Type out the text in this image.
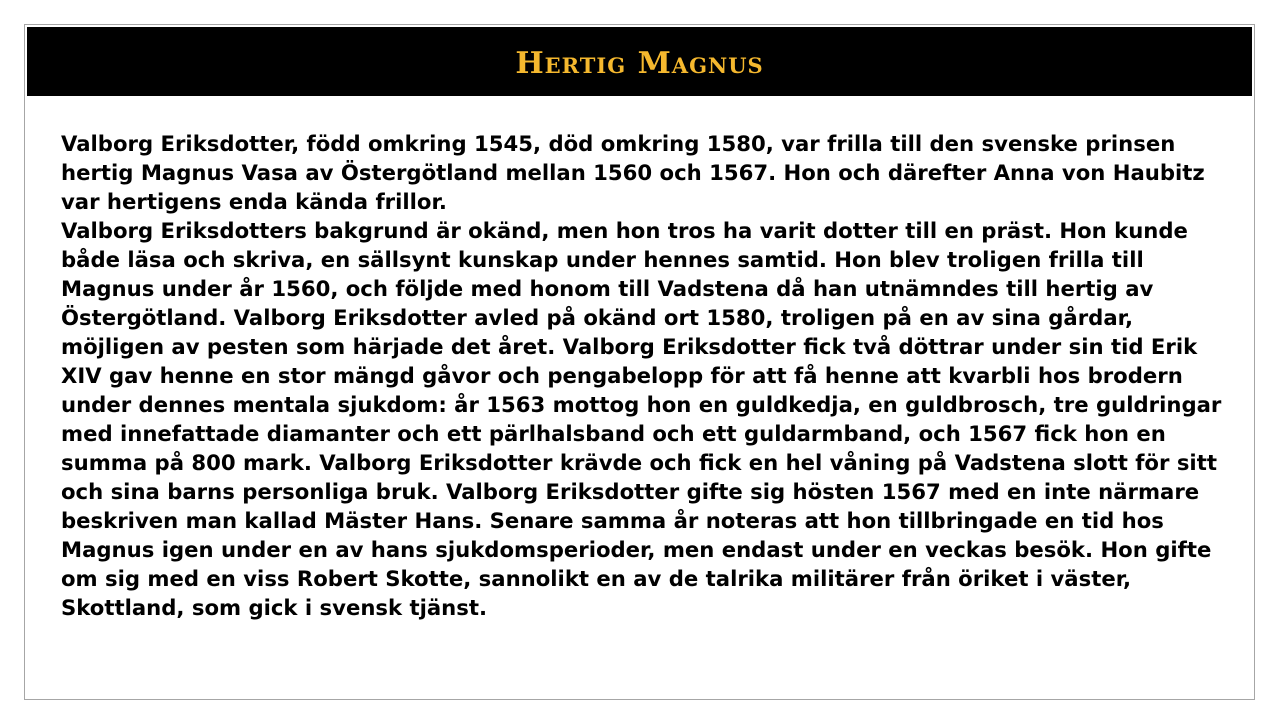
Hertig Magnus

Valborg Eriksdotter, född omkring 1545, död omkring 1580, var frilla till den svenske prinsen hertig Magnus Vasa av Östergötland mellan 1560 och 1567. Hon och därefter Anna von Haubitz var hertigens enda kända frillor.

Valborg Eriksdotters bakgrund är okänd, men hon tros ha varit dotter till en präst. Hon kunde både läsa och skriva, en sällsynt kunskap under hennes samtid. Hon blev troligen frilla till Magnus under år 1560, och följde med honom till Vadstena då han utnämndes till hertig av Östergötland. Valborg Eriksdotter avled på okänd ort 1580, troligen på en av sina gårdar, möjligen av pesten som härjade det året. Valborg Eriksdotter fick två döttrar under sin tid Erik XIV gav henne en stor mängd gåvor och pengabelopp för att få henne att kvarbli hos brodern under dennes mentala sjukdom: år 1563 mottog hon en guldkedja, en guldbrosch, tre guldringar med innefattade diamanter och ett pärlhalsband och ett guldarmband, och 1567 fick hon en summa på 800 mark. Valborg Eriksdotter krävde och fick en hel våning på Vadstena slott för sitt och sina barns personliga bruk. Valborg Eriksdotter gifte sig hösten 1567 med en inte närmare beskriven man kallad Mäster Hans. Senare samma år noteras att hon tillbringade en tid hos Magnus igen under en av hans sjukdomsperioder, men endast under en veckas besök. Hon gifte om sig med en viss Robert Skotte, sannolikt en av de talrika militärer från öriket i väster, Skottland, som gick i svensk tjänst.
